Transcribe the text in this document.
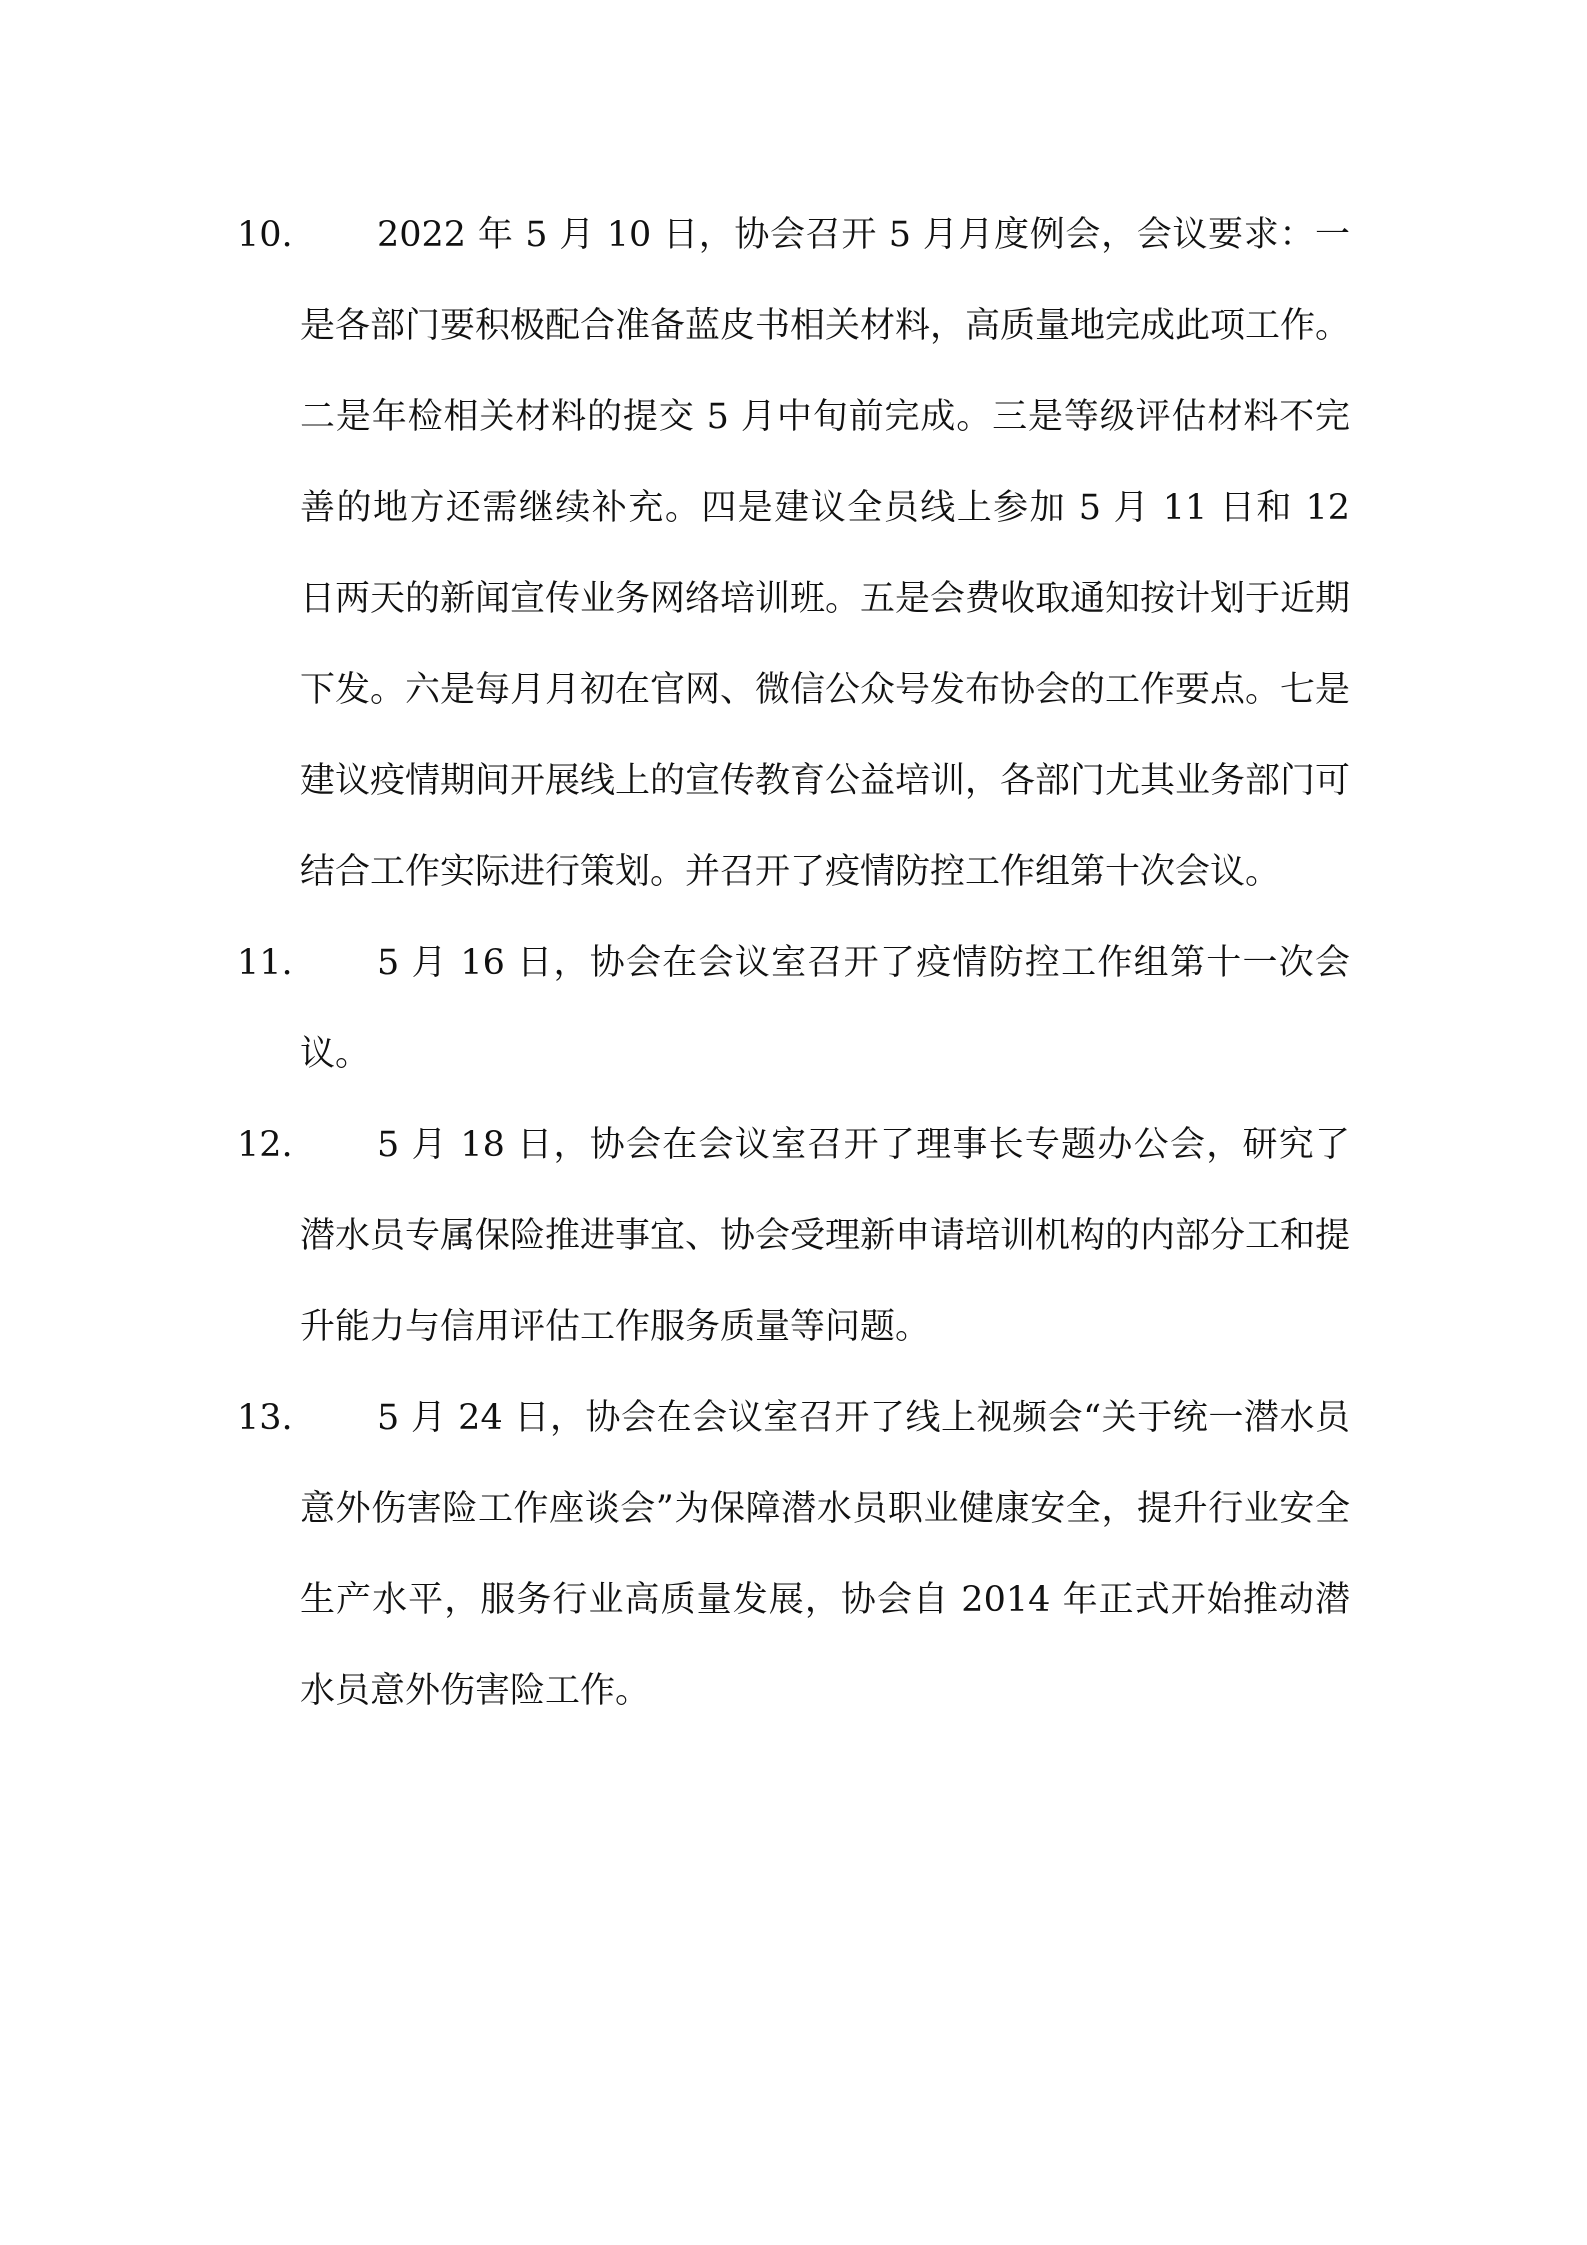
10.	2022 年 5 月 10 日，协会召开 5 月月度例会，会议要求：一是各部门要积极配合准备蓝皮书相关材料，高质量地完成此项工作。二是年检相关材料的提交 5 月中旬前完成。三是等级评估材料不完善的地方还需继续补充。四是建议全员线上参加 5 月 11 日和 12 日两天的新闻宣传业务网络培训班。五是会费收取通知按计划于近期下发。六是每月月初在官网、微信公众号发布协会的工作要点。七是建议疫情期间开展线上的宣传教育公益培训，各部门尤其业务部门可结合工作实际进行策划。并召开了疫情防控工作组第十次会议。
11.	5 月 16 日，协会在会议室召开了疫情防控工作组第十一次会议。
12.	5 月 18 日，协会在会议室召开了理事长专题办公会，研究了潜水员专属保险推进事宜、协会受理新申请培训机构的内部分工和提升能力与信用评估工作服务质量等问题。
13.	5 月 24 日，协会在会议室召开了线上视频会“关于统一潜水员意外伤害险工作座谈会”为保障潜水员职业健康安全，提升行业安全生产水平，服务行业高质量发展，协会自 2014 年正式开始推动潜水员意外伤害险工作。
